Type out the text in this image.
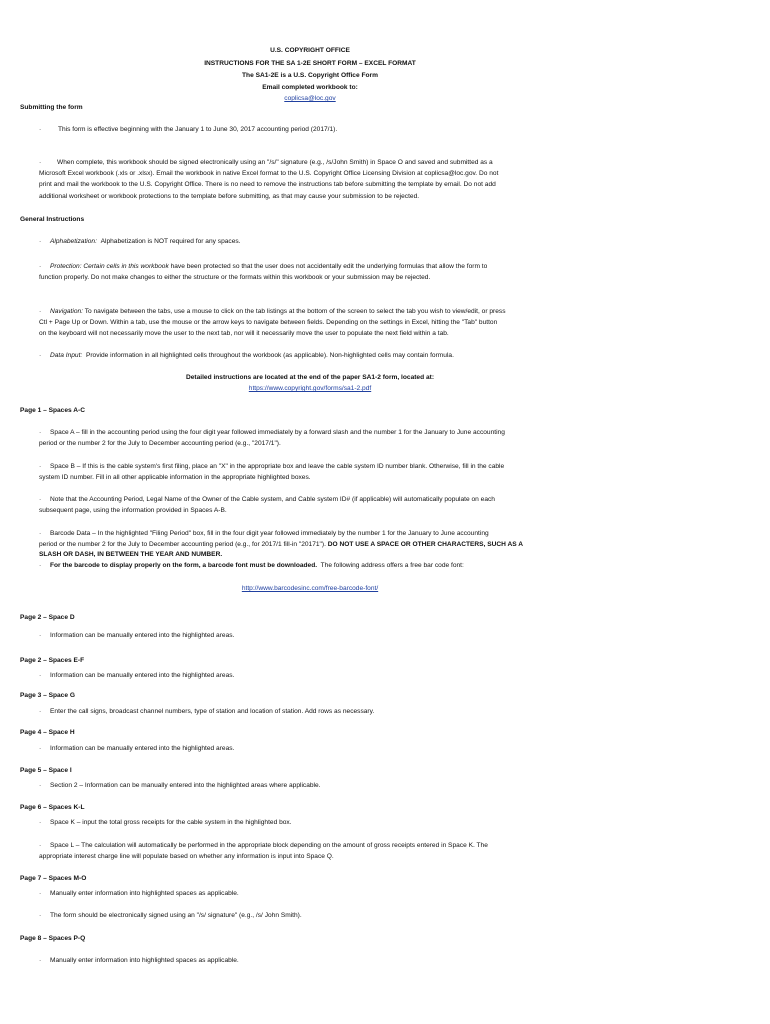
U.S. COPYRIGHT OFFICE
INSTRUCTIONS FOR THE SA 1-2E SHORT FORM – EXCEL FORMAT
The SA1-2E is a U.S. Copyright Office Form
Email completed workbook to:
coplicsa@loc.gov
Submitting the form
·	This form is effective beginning with the January 1 to June 30, 2017 accounting period (2017/1).
· When complete, this workbook should be signed electronically using an "/s/" signature (e.g., /s/John Smith) in Space O and saved and submitted as a
Microsoft Excel workbook (.xls or .xlsx). Email the workbook in native Excel format to the U.S. Copyright Office Licensing Division at coplicsa@loc.gov. Do not
print and mail the workbook to the U.S. Copyright Office. There is no need to remove the instructions tab before submitting the template by email. Do not add
additional worksheet or workbook protections to the template before submitting, as that may cause your submission to be rejected.
General Instructions
· Alphabetization: Alphabetization is NOT required for any spaces.
· Protection: Certain cells in this workbook have been protected so that the user does not accidentally edit the underlying formulas that allow the form to
function properly. Do not make changes to either the structure or the formats within this workbook or your submission may be rejected.
· Navigation: To navigate between the tabs, use a mouse to click on the tab listings at the bottom of the screen to select the tab you wish to view/edit, or press
Ctl + Page Up or Down. Within a tab, use the mouse or the arrow keys to navigate between fields. Depending on the settings in Excel, hitting the "Tab" button
on the keyboard will not necessarily move the user to the next tab, nor will it necessarily move the user to populate the next field within a tab.
· Data Input: Provide information in all highlighted cells throughout the workbook (as applicable). Non-highlighted cells may contain formula.
Detailed instructions are located at the end of the paper SA1-2 form, located at:
https://www.copyright.gov/forms/sa1-2.pdf
Page 1 – Spaces A-C
· Space A – fill in the accounting period using the four digit year followed immediately by a forward slash and the number 1 for the January to June accounting
period or the number 2 for the July to December accounting period (e.g., "2017/1").
· Space B – If this is the cable system's first filing, place an "X" in the appropriate box and leave the cable system ID number blank. Otherwise, fill in the cable
system ID number. Fill in all other applicable information in the appropriate highlighted boxes.
· Note that the Accounting Period, Legal Name of the Owner of the Cable system, and Cable system ID# (if applicable) will automatically populate on each
subsequent page, using the information provided in Spaces A-B.
· Barcode Data – In the highlighted "Filing Period" box, fill in the four digit year followed immediately by the number 1 for the January to June accounting
period or the number 2 for the July to December accounting period (e.g., for 2017/1 fill-in "20171"). DO NOT USE A SPACE OR OTHER CHARACTERS, SUCH AS A
SLASH OR DASH, IN BETWEEN THE YEAR AND NUMBER.
· For the barcode to display properly on the form, a barcode font must be downloaded. The following address offers a free bar code font:
http://www.barcodesinc.com/free-barcode-font/
Page 2 – Space D
· Information can be manually entered into the highlighted areas.
Page 2 – Spaces E-F
· Information can be manually entered into the highlighted areas.
Page 3 – Space G
· Enter the call signs, broadcast channel numbers, type of station and location of station. Add rows as necessary.
Page 4 – Space H
· Information can be manually entered into the highlighted areas.
Page 5 – Space I
· Section 2 – Information can be manually entered into the highlighted areas where applicable.
Page 6 – Spaces K-L
· Space K – input the total gross receipts for the cable system in the highlighted box.
· Space L – The calculation will automatically be performed in the appropriate block depending on the amount of gross receipts entered in Space K. The
appropriate interest charge line will populate based on whether any information is input into Space Q.
Page 7 – Spaces M-O
· Manually enter information into highlighted spaces as applicable.
· The form should be electronically signed using an "/s/ signature" (e.g., /s/ John Smith).
Page 8 – Spaces P-Q
· Manually enter information into highlighted spaces as applicable.
